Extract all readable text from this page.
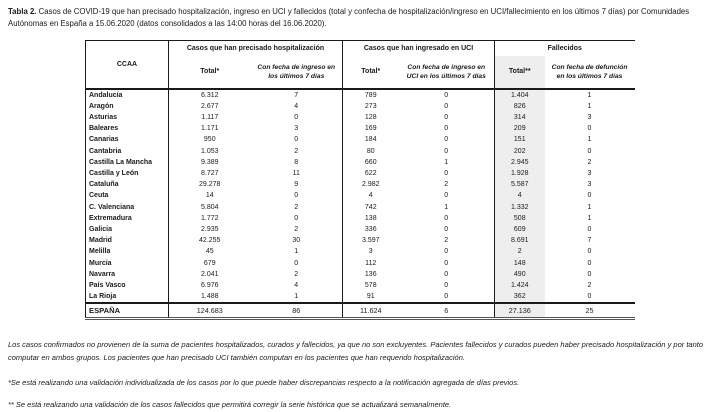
Tabla 2. Casos de COVID-19 que han precisado hospitalización, ingreso en UCI y fallecidos (total y confecha de hospitalización/ingreso en UCI/fallecimiento en los últimos 7 días) por Comunidades Autónomas en España a 15.06.2020 (datos consolidados a las 14:00 horas del 16.06.2020).

CCAA	Casos que han precisado hospitalización		Casos que han ingresado en UCI		Fallecidos	
	Total*	Con fecha de ingreso en los últimos 7 días	Total*	Con fecha de ingreso en UCI en los últimos 7 días	Total**	Con fecha de defunción en los últimos 7 días
Andalucía	6.312	7	789	0	1.404	1
Aragón	2.677	4	273	0	826	1
Asturias	1.117	0	128	0	314	3
Baleares	1.171	3	169	0	209	0
Canarias	950	0	184	0	151	1
Cantabria	1.053	2	80	0	202	0
Castilla La Mancha	9.389	8	660	1	2.945	2
Castilla y León	8.727	11	622	0	1.928	3
Cataluña	29.278	9	2.982	2	5.587	3
Ceuta	14	0	4	0	4	0
C. Valenciana	5.804	2	742	1	1.332	1
Extremadura	1.772	0	138	0	508	1
Galicia	2.935	2	336	0	609	0
Madrid	42.255	30	3.597	2	8.691	7
Melilla	45	1	3	0	2	0
Murcia	679	0	112	0	148	0
Navarra	2.041	2	136	0	490	0
País Vasco	6.976	4	578	0	1.424	2
La Rioja	1.488	1	91	0	362	0
ESPAÑA	124.683	86	11.624	6	27.136	25

Los casos confirmados no provienen de la suma de pacientes hospitalizados, curados y fallecidos, ya que no son excluyentes. Pacientes fallecidos y curados pueden haber precisado hospitalización y por tanto computar en ambos grupos. Los pacientes que han precisado UCI también computan en los pacientes que han requerido hospitalización.

*Se está realizando una validación individualizada de los casos por lo que puede haber discrepancias respecto a la notificación agregada de días previos.

** Se está realizando una validación de los casos fallecidos que permitirá corregir la serie histórica que se actualizará semanalmente.
